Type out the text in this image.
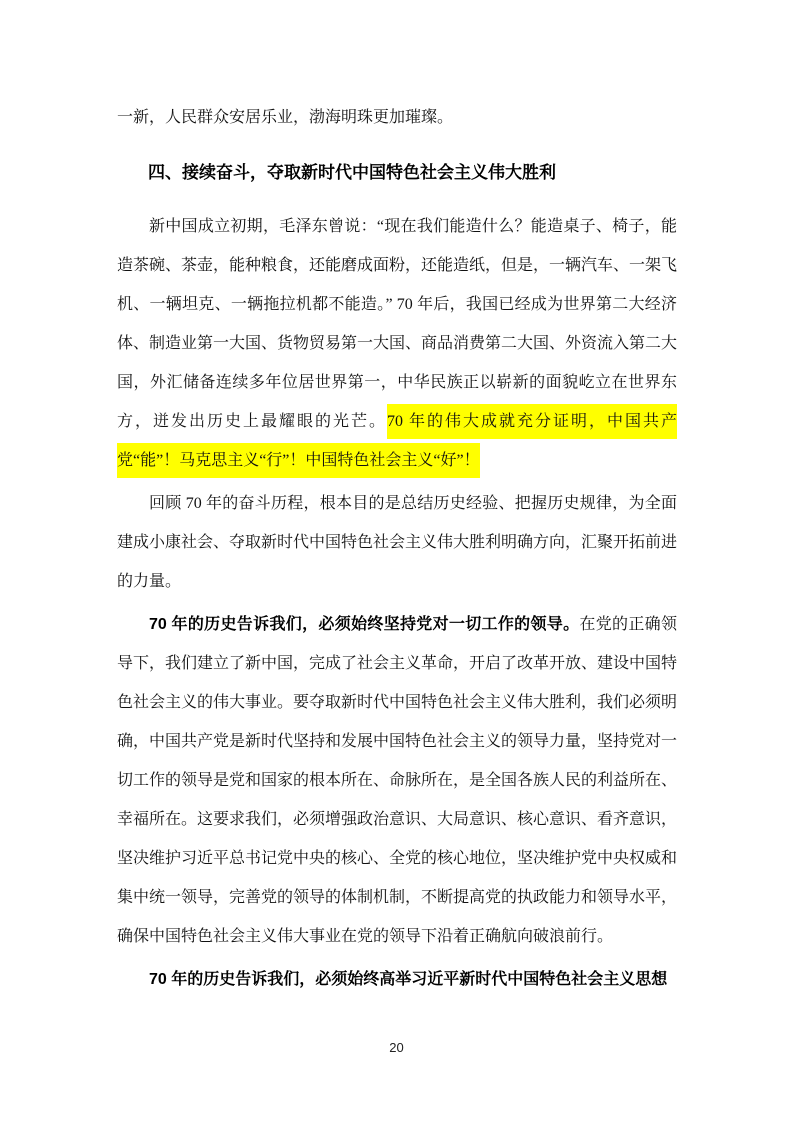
一新，人民群众安居乐业，渤海明珠更加璀璨。

四、接续奋斗，夺取新时代中国特色社会主义伟大胜利

新中国成立初期，毛泽东曾说：“现在我们能造什么？能造桌子、椅子，能造茶碗、茶壶，能种粮食，还能磨成面粉，还能造纸，但是，一辆汽车、一架飞机、一辆坦克、一辆拖拉机都不能造。” 70 年后，我国已经成为世界第二大经济体、制造业第一大国、货物贸易第一大国、商品消费第二大国、外资流入第二大国，外汇储备连续多年位居世界第一，中华民族正以崭新的面貌屹立在世界东方，迸发出历史上最耀眼的光芒。70 年的伟大成就充分证明，中国共产党“能”！马克思主义“行”！中国特色社会主义“好”！

回顾 70 年的奋斗历程，根本目的是总结历史经验、把握历史规律，为全面建成小康社会、夺取新时代中国特色社会主义伟大胜利明确方向，汇聚开拓前进的力量。

70 年的历史告诉我们，必须始终坚持党对一切工作的领导。在党的正确领导下，我们建立了新中国，完成了社会主义革命，开启了改革开放、建设中国特色社会主义的伟大事业。要夺取新时代中国特色社会主义伟大胜利，我们必须明确，中国共产党是新时代坚持和发展中国特色社会主义的领导力量，坚持党对一切工作的领导是党和国家的根本所在、命脉所在，是全国各族人民的利益所在、幸福所在。这要求我们，必须增强政治意识、大局意识、核心意识、看齐意识，坚决维护习近平总书记党中央的核心、全党的核心地位，坚决维护党中央权威和集中统一领导，完善党的领导的体制机制，不断提高党的执政能力和领导水平，确保中国特色社会主义伟大事业在党的领导下沿着正确航向破浪前行。

70 年的历史告诉我们，必须始终高举习近平新时代中国特色社会主义思想

20
